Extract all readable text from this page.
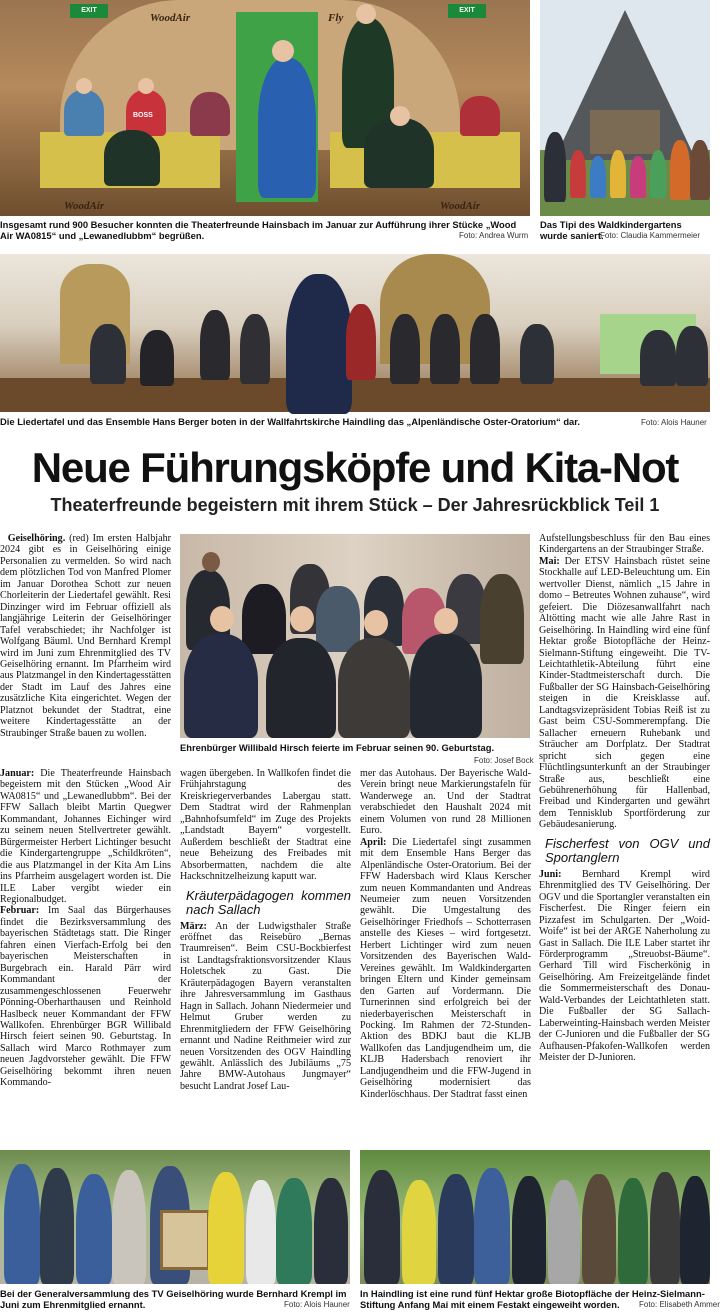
EXIT	EXIT
WoodAir	Fly
WoodAir	WoodAir
BOSS
Insgesamt rund 900 Besucher konnten die Theaterfreunde Hainsbach im Januar zur Aufführung ihrer Stücke „Wood Air WA0815“ und „Lewanedlubbm“ begrüßen.	Foto: Andrea Wurm
Das Tipi des Waldkindergartens wurde saniert.
Foto: Claudia Kammermeier
Die Liedertafel und das Ensemble Hans Berger boten in der Wallfahrtskirche Haindling das „Alpenländische Oster-Oratorium“ dar.	Foto: Alois Hauner
Neue Führungsköpfe und Kita-Not
Theaterfreunde begeistern mit ihrem Stück – Der Jahresrückblick Teil 1
Ehrenbürger Willibald Hirsch feierte im Februar seinen 90. Geburtstag.
Foto: Josef Bock

Geiselhöring. (red) Im ersten Halbjahr 2024 gibt es in Geiselhöring einige Personalien zu vermelden. So wird nach dem plötzlichen Tod von Manfred Plomer im Januar Dorothea Schott zur neuen Chorleiterin der Liedertafel gewählt. Resi Dinzinger wird im Februar offiziell als langjährige Leiterin der Geiselhöringer Tafel verabschiedet; ihr Nachfolger ist Wolfgang Bäuml. Und Bernhard Krempl wird im Juni zum Ehrenmitglied des TV Geiselhöring ernannt. Im Pfarrheim wird aus Platzmangel in den Kindertagesstätten der Stadt im Lauf des Jahres eine zusätzliche Kita eingerichtet. Wegen der Platznot bekundet der Stadtrat, eine weitere Kindertagesstätte an der Straubinger Straße bauen zu wollen.

Januar: Die Theaterfreunde Hainsbach begeistern mit den Stücken „Wood Air WA0815“ und „Lewanedlubbm“. Bei der FFW Sallach bleibt Martin Quegwer Kommandant, Johannes Eichinger wird zu seinem neuen Stellvertreter gewählt. Bürgermeister Herbert Lichtinger besucht die Kindergartengruppe „Schildkröten“, die aus Platzmangel in der Kita Am Lins ins Pfarrheim ausgelagert worden ist. Die ILE Laber vergibt wieder ein Regionalbudget.

Februar: Im Saal das Bürgerhauses findet die Bezirksversammlung des bayerischen Städtetags statt. Die Ringer fahren einen Vierfach-Erfolg bei den bayerischen Meisterschaften in Burgebrach ein. Harald Pärr wird Kommandant der zusammengeschlossenen Feuerwehr Pönning-Oberharthausen und Reinhold Haslbeck neuer Kommandant der FFW Wallkofen. Ehrenbürger BGR Willibald Hirsch feiert seinen 90. Geburtstag. In Sallach wird Marco Rothmayer zum neuen Jagdvorsteher gewählt. Die FFW Geiselhöring bekommt ihren neuen Kommando-

wagen übergeben. In Wallkofen findet die Frühjahrstagung des Kreiskriegerverbandes Labergau statt. Dem Stadtrat wird der Rahmenplan „Bahnhofsumfeld“ im Zuge des Projekts „Landstadt Bayern“ vorgestellt. Außerdem beschließt der Stadtrat eine neue Beheizung des Freibades mit Absorbermatten, nachdem die alte Hackschnitzelheizung kaputt war.

Kräuterpädagogen kommen nach Sallach

März: An der Ludwigsthaler Straße eröffnet das Reisebüro „Bernas Traumreisen“. Beim CSU-Bockbierfest ist Landtagsfraktionsvorsitzender Klaus Holetschek zu Gast. Die Kräuterpädagogen Bayern veranstalten ihre Jahresversammlung im Gasthaus Hagn in Sallach. Johann Niedermeier und Helmut Gruber werden zu Ehrenmitgliedern der FFW Geiselhöring ernannt und Nadine Reithmeier wird zur neuen Vorsitzenden des OGV Haindling gewählt. Anlässlich des Jubiläums „75 Jahre BMW-Autohaus Jungmayer“ besucht Landrat Josef Lau-

mer das Autohaus. Der Bayerische Wald-Verein bringt neue Markierungstafeln für Wanderwege an. Und der Stadtrat verabschiedet den Haushalt 2024 mit einem Volumen von rund 28 Millionen Euro.

April: Die Liedertafel singt zusammen mit dem Ensemble Hans Berger das Alpenländische Oster-Oratorium. Bei der FFW Hadersbach wird Klaus Kerscher zum neuen Kommandanten und Andreas Neumeier zum neuen Vorsitzenden gewählt. Die Umgestaltung des Geiselhöringer Friedhofs – Schotterrasen anstelle des Kieses – wird fortgesetzt. Herbert Lichtinger wird zum neuen Vorsitzenden des Bayerischen Wald-Vereines gewählt. Im Waldkindergarten bringen Eltern und Kinder gemeinsam den Garten auf Vordermann. Die Turnerinnen sind erfolgreich bei der niederbayerischen Meisterschaft in Pocking. Im Rahmen der 72-Stunden-Aktion des BDKJ baut die KLJB Wallkofen das Landjugendheim um, die KLJB Hadersbach renoviert ihr Landjugendheim und die FFW-Jugend in Geiselhöring modernisiert das Kinderlöschhaus. Der Stadtrat fasst einen

Aufstellungsbeschluss für den Bau eines Kindergartens an der Straubinger Straße.

Mai: Der ETSV Hainsbach rüstet seine Stockhalle auf LED-Beleuchtung um. Ein wertvoller Dienst, nämlich „15 Jahre in domo – Betreutes Wohnen zuhause“, wird gefeiert. Die Diözesanwallfahrt nach Altötting macht wie alle Jahre Rast in Geiselhöring. In Haindling wird eine fünf Hektar große Biotopfläche der Heinz-Sielmann-Stiftung eingeweiht. Die TV-Leichtathletik-Abteilung führt eine Kinder-Stadtmeisterschaft durch. Die Fußballer der SG Hainsbach-Geiselhöring steigen in die Kreisklasse auf. Landtagsvizepräsident Tobias Reiß ist zu Gast beim CSU-Sommerempfang. Die Sallacher erneuern Ruhebank und Sträucher am Dorfplatz. Der Stadtrat spricht sich gegen eine Flüchtlingsunterkunft an der Straubinger Straße aus, beschließt eine Gebührenerhöhung für Hallenbad, Freibad und Kindergarten und gewährt dem Tennisklub Sportförderung zur Gebäudesanierung.

Fischerfest von OGV und Sportanglern

Juni: Bernhard Krempl wird Ehrenmitglied des TV Geiselhöring. Der OGV und die Sportangler veranstalten ein Fischerfest. Die Ringer feiern ein Pizzafest im Schulgarten. Der „Woid-Woife“ ist bei der ARGE Naherholung zu Gast in Sallach. Die ILE Laber startet ihr Förderprogramm „Streuobst-Bäume“. Gerhard Till wird Fischerkönig in Geiselhöring. Am Freizeitgelände findet die Sommermeisterschaft des Donau-Wald-Verbandes der Leichtathleten statt. Die Fußballer der SG Sallach-Laberweinting-Hainsbach werden Meister der C-Junioren und die Fußballer der SG Aufhausen-Pfakofen-Wallkofen werden Meister der D-Junioren.

Bei der Generalversammlung des TV Geiselhöring wurde Bernhard Krempl im Juni zum Ehrenmitglied ernannt.	Foto: Alois Hauner
In Haindling ist eine rund fünf Hektar große Biotopfläche der Heinz-Sielmann-Stiftung Anfang Mai mit einem Festakt eingeweiht worden.	Foto: Elisabeth Ammer
